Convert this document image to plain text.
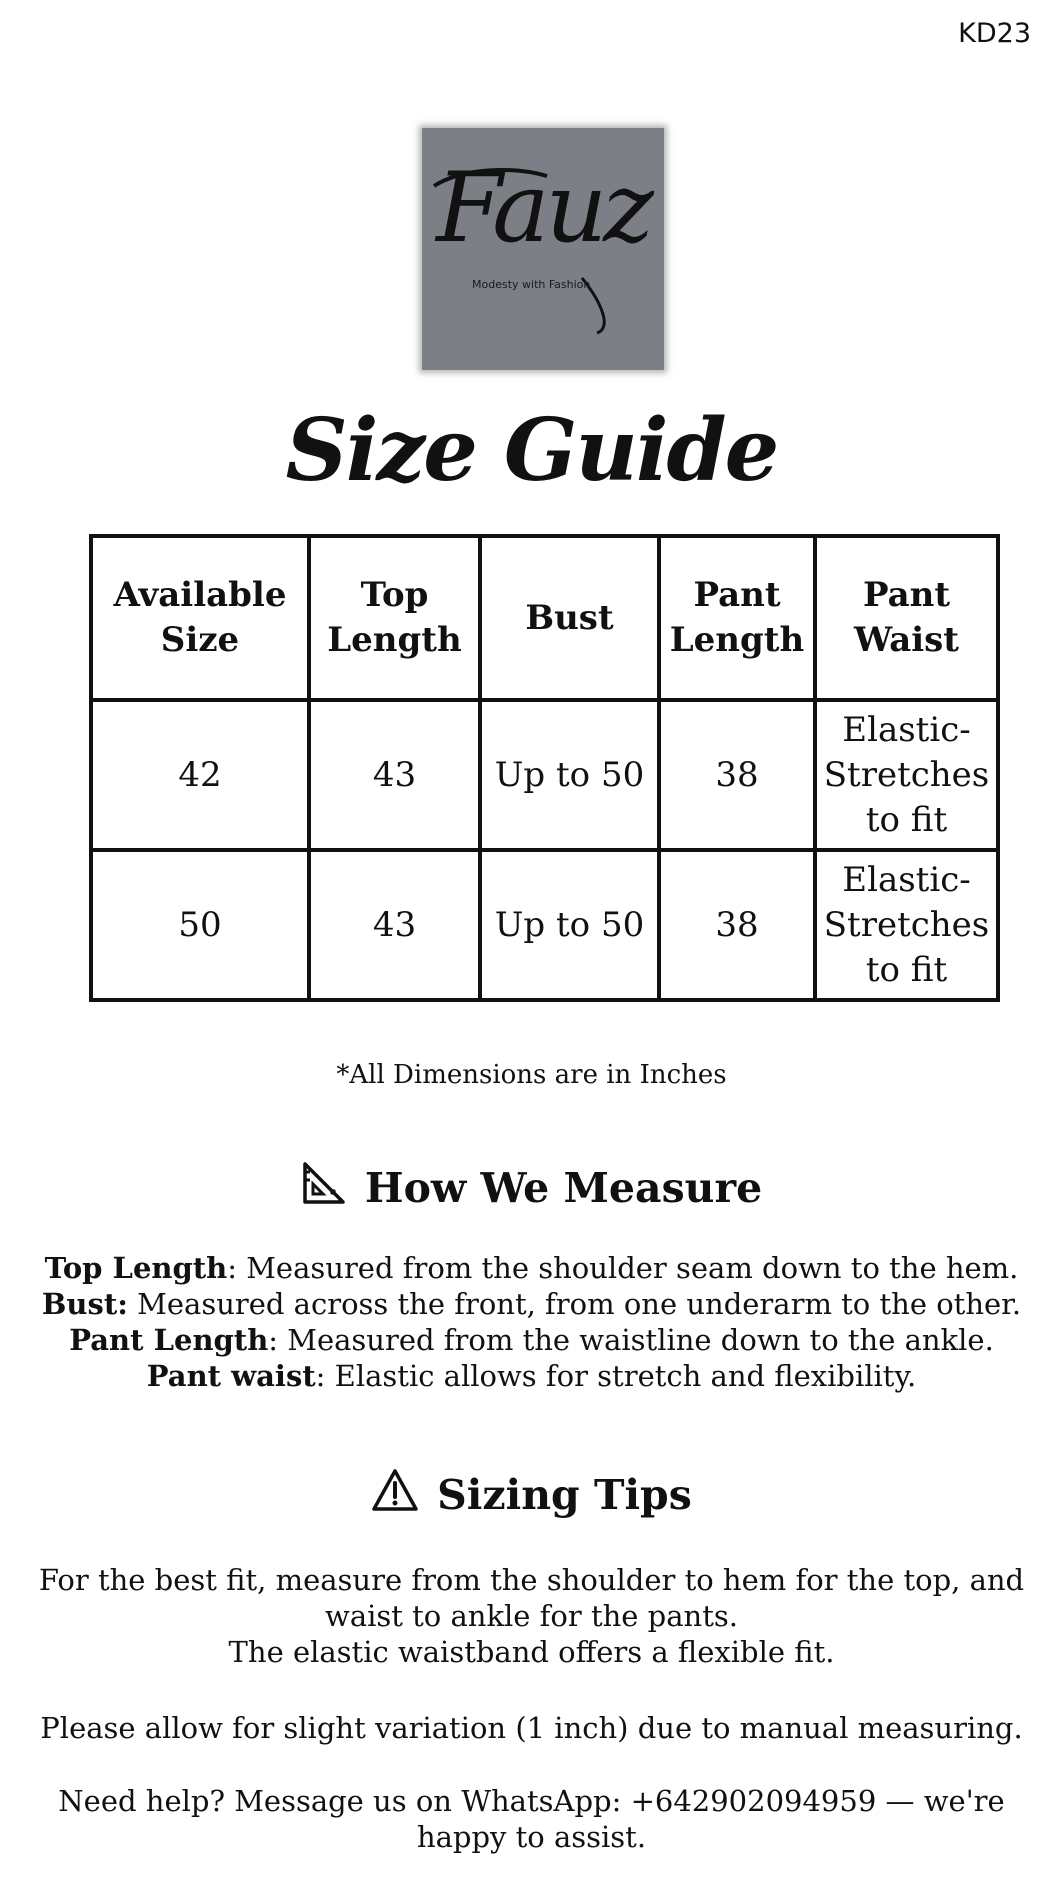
KD23
Fauz
Modesty with Fashion
Size Guide
Available Size	Top Length	Bust	Pant Length	Pant Waist
42	43	Up to 50	38	Elastic- Stretches to fit
50	43	Up to 50	38	Elastic- Stretches to fit
*All Dimensions are in Inches
How We Measure
Top Length: Measured from the shoulder seam down to the hem.
Bust: Measured across the front, from one underarm to the other.
Pant Length: Measured from the waistline down to the ankle.
Pant waist: Elastic allows for stretch and flexibility.
Sizing Tips
For the best fit, measure from the shoulder to hem for the top, and waist to ankle for the pants.
The elastic waistband offers a flexible fit.
Please allow for slight variation (1 inch) due to manual measuring.
Need help? Message us on WhatsApp: +642902094959 — we're happy to assist.
